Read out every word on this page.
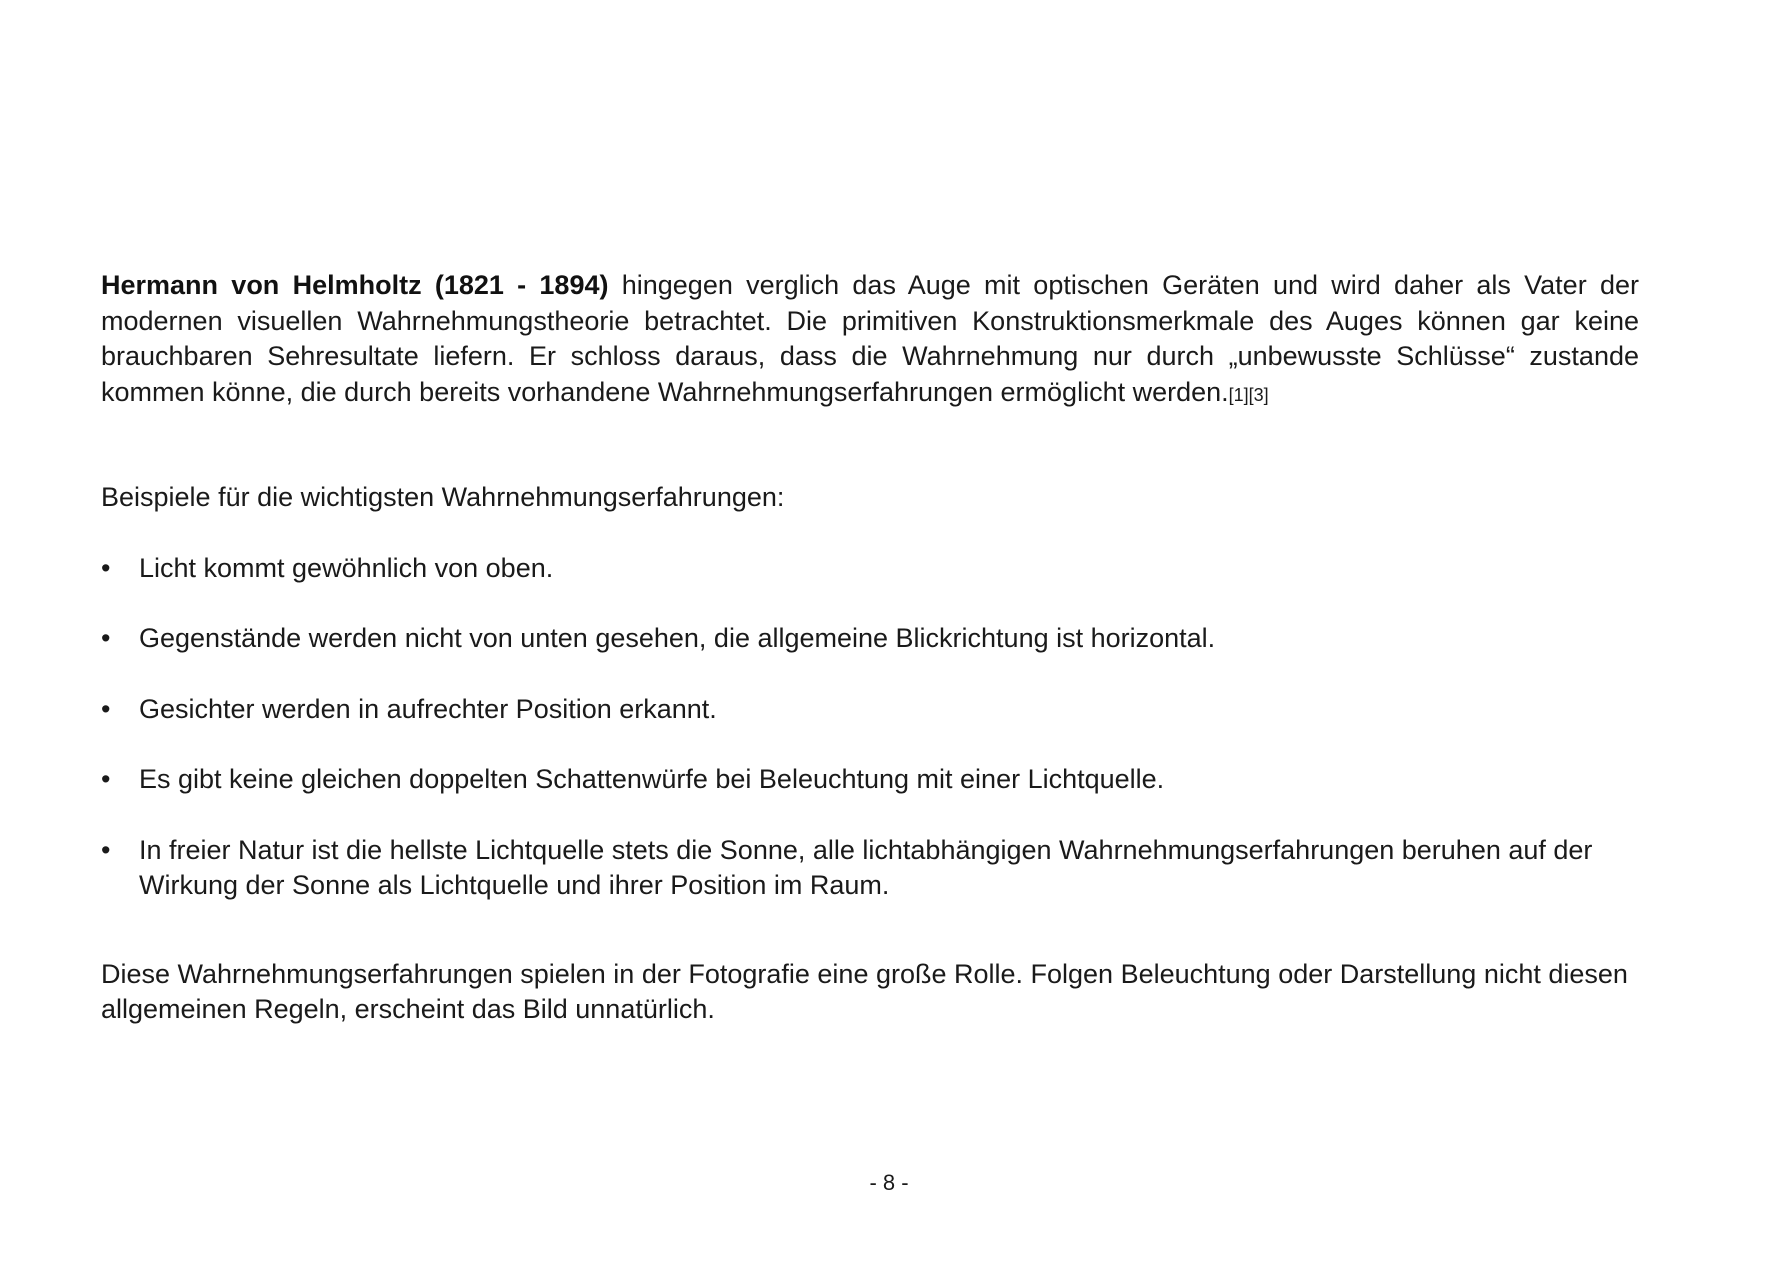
Hermann von Helmholtz (1821 - 1894) hingegen verglich das Auge mit optischen Geräten und wird daher als Vater der modernen visuellen Wahrnehmungstheorie betrachtet. Die primitiven Konstruktionsmerkmale des Auges können gar keine brauchbaren Sehresultate liefern. Er schloss daraus, dass die Wahrnehmung nur durch „unbewusste Schlüsse“ zustande kommen könne, die durch bereits vorhandene Wahrnehmungserfahrungen ermöglicht werden.[1][3]

Beispiele für die wichtigsten Wahrnehmungserfahrungen:

• Licht kommt gewöhnlich von oben.
• Gegenstände werden nicht von unten gesehen, die allgemeine Blickrichtung ist horizontal.
• Gesichter werden in aufrechter Position erkannt.
• Es gibt keine gleichen doppelten Schattenwürfe bei Beleuchtung mit einer Lichtquelle.
• In freier Natur ist die hellste Lichtquelle stets die Sonne, alle lichtabhängigen Wahrnehmungserfahrungen beruhen auf der Wirkung der Sonne als Lichtquelle und ihrer Position im Raum.

Diese Wahrnehmungserfahrungen spielen in der Fotografie eine große Rolle. Folgen Beleuchtung oder Darstellung nicht diesen allgemeinen Regeln, erscheint das Bild unnatürlich.

- 8 -
